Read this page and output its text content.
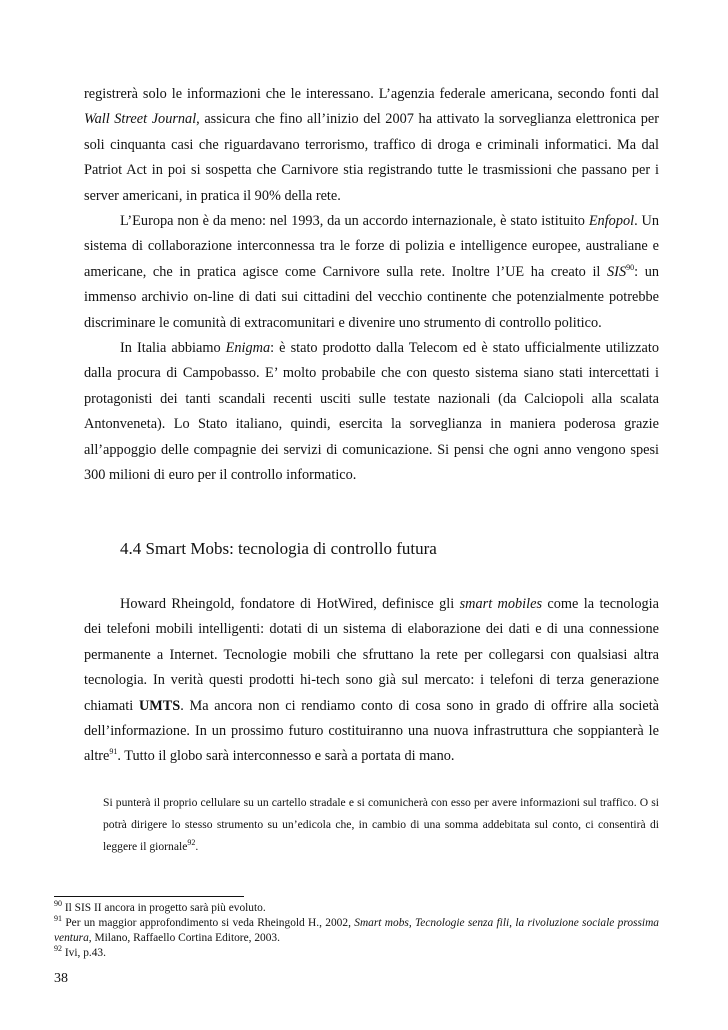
registrerà solo le informazioni che le interessano. L’agenzia federale americana, secondo fonti dal Wall Street Journal, assicura che fino all’inizio del 2007 ha attivato la sorveglianza elettronica per soli cinquanta casi che riguardavano terrorismo, traffico di droga e criminali informatici. Ma dal Patriot Act in poi si sospetta che Carnivore stia registrando tutte le trasmissioni che passano per i server americani, in pratica il 90% della rete.

L’Europa non è da meno: nel 1993, da un accordo internazionale, è stato istituito Enfopol. Un sistema di collaborazione interconnessa tra le forze di polizia e intelligence europee, australiane e americane, che in pratica agisce come Carnivore sulla rete. Inoltre l’UE ha creato il SIS$^{90}$: un immenso archivio on-line di dati sui cittadini del vecchio continente che potenzialmente potrebbe discriminare le comunità di extracomunitari e divenire uno strumento di controllo politico.

In Italia abbiamo Enigma: è stato prodotto dalla Telecom ed è stato ufficialmente utilizzato dalla procura di Campobasso. E’ molto probabile che con questo sistema siano stati intercettati i protagonisti dei tanti scandali recenti usciti sulle testate nazionali (da Calciopoli alla scalata Antonveneta). Lo Stato italiano, quindi, esercita la sorveglianza in maniera poderosa grazie all’appoggio delle compagnie dei servizi di comunicazione. Si pensi che ogni anno vengono spesi 300 milioni di euro per il controllo informatico.

4.4 Smart Mobs: tecnologia di controllo futura

Howard Rheingold, fondatore di HotWired, definisce gli smart mobiles come la tecnologia dei telefoni mobili intelligenti: dotati di un sistema di elaborazione dei dati e di una connessione permanente a Internet. Tecnologie mobili che sfruttano la rete per collegarsi con qualsiasi altra tecnologia. In verità questi prodotti hi-tech sono già sul mercato: i telefoni di terza generazione chiamati UMTS. Ma ancora non ci rendiamo conto di cosa sono in grado di offrire alla società dell’informazione. In un prossimo futuro costituiranno una nuova infrastruttura che soppianterà le altre$^{91}$. Tutto il globo sarà interconnesso e sarà a portata di mano.

Si punterà il proprio cellulare su un cartello stradale e si comunicherà con esso per avere informazioni sul traffico. O si potrà dirigere lo stesso strumento su un’edicola che, in cambio di una somma addebitata sul conto, ci consentirà di leggere il giornale$^{92}$.

$^{90}$ Il SIS II ancora in progetto sarà più evoluto.

$^{91}$ Per un maggior approfondimento si veda Rheingold H., 2002, Smart mobs, Tecnologie senza fili, la rivoluzione sociale prossima ventura, Milano, Raffaello Cortina Editore, 2003.

$^{92}$ Ivi, p.43.

38
